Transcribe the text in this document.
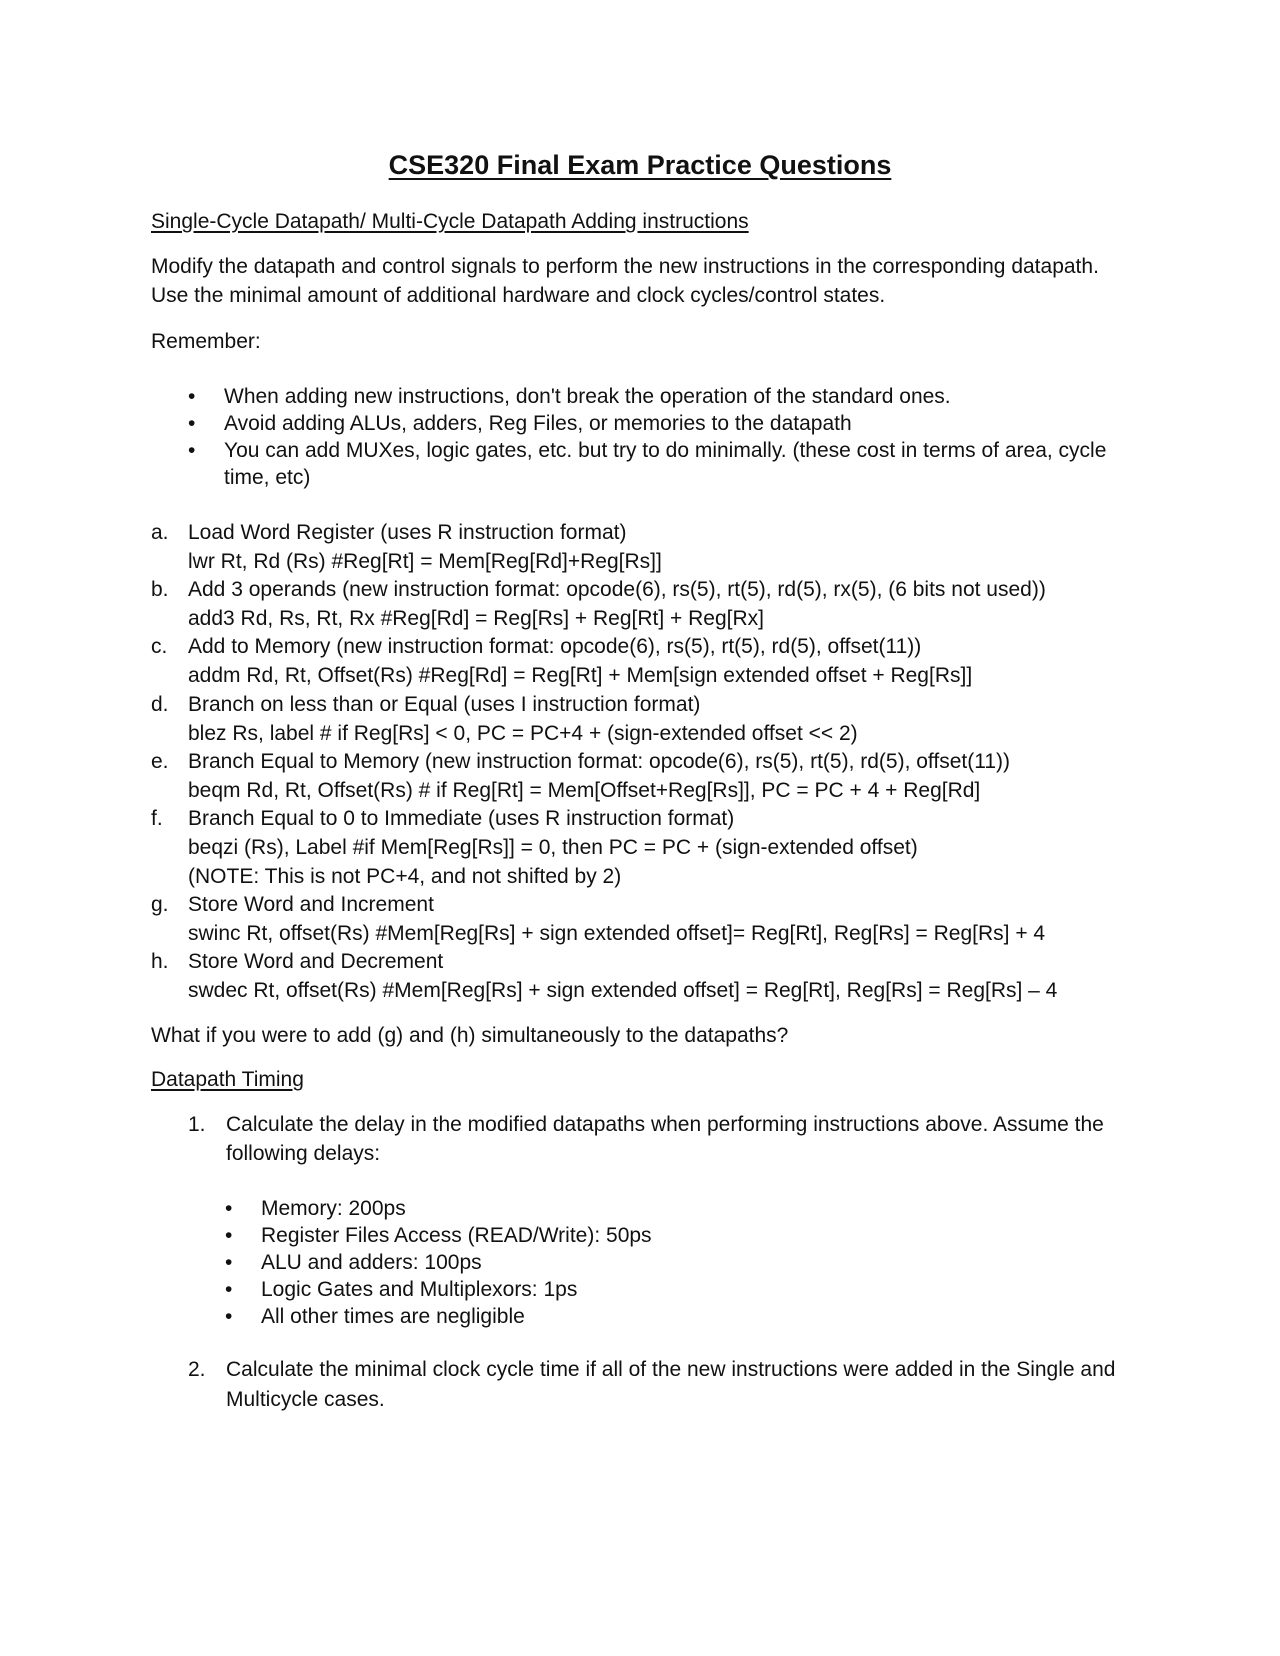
CSE320 Final Exam Practice Questions
Single-Cycle Datapath/ Multi-Cycle Datapath Adding instructions
Modify the datapath and control signals to perform the new instructions in the corresponding datapath.
Use the minimal amount of additional hardware and clock cycles/control states.
Remember:
•	When adding new instructions, don't break the operation of the standard ones.
•	Avoid adding ALUs, adders, Reg Files, or memories to the datapath
•	You can add MUXes, logic gates, etc. but try to do minimally. (these cost in terms of area, cycle
time, etc)
a. Load Word Register (uses R instruction format)
lwr Rt, Rd (Rs) #Reg[Rt] = Mem[Reg[Rd]+Reg[Rs]]
b. Add 3 operands (new instruction format: opcode(6), rs(5), rt(5), rd(5), rx(5), (6 bits not used))
add3 Rd, Rs, Rt, Rx #Reg[Rd] = Reg[Rs] + Reg[Rt] + Reg[Rx]
c. Add to Memory (new instruction format: opcode(6), rs(5), rt(5), rd(5), offset(11))
addm Rd, Rt, Offset(Rs) #Reg[Rd] = Reg[Rt] + Mem[sign extended offset + Reg[Rs]]
d. Branch on less than or Equal (uses I instruction format)
blez Rs, label # if Reg[Rs] < 0, PC = PC+4 + (sign-extended offset << 2)
e. Branch Equal to Memory (new instruction format: opcode(6), rs(5), rt(5), rd(5), offset(11))
beqm Rd, Rt, Offset(Rs) # if Reg[Rt] = Mem[Offset+Reg[Rs]], PC = PC + 4 + Reg[Rd]
f. Branch Equal to 0 to Immediate (uses R instruction format)
beqzi (Rs), Label #if Mem[Reg[Rs]] = 0, then PC = PC + (sign-extended offset)
(NOTE: This is not PC+4, and not shifted by 2)
g. Store Word and Increment
swinc Rt, offset(Rs) #Mem[Reg[Rs] + sign extended offset]= Reg[Rt], Reg[Rs] = Reg[Rs] + 4
h. Store Word and Decrement
swdec Rt, offset(Rs) #Mem[Reg[Rs] + sign extended offset] = Reg[Rt], Reg[Rs] = Reg[Rs] – 4
What if you were to add (g) and (h) simultaneously to the datapaths?
Datapath Timing
1. Calculate the delay in the modified datapaths when performing instructions above. Assume the
following delays:
•	Memory: 200ps
•	Register Files Access (READ/Write): 50ps
•	ALU and adders: 100ps
•	Logic Gates and Multiplexors: 1ps
•	All other times are negligible
2. Calculate the minimal clock cycle time if all of the new instructions were added in the Single and
Multicycle cases.
